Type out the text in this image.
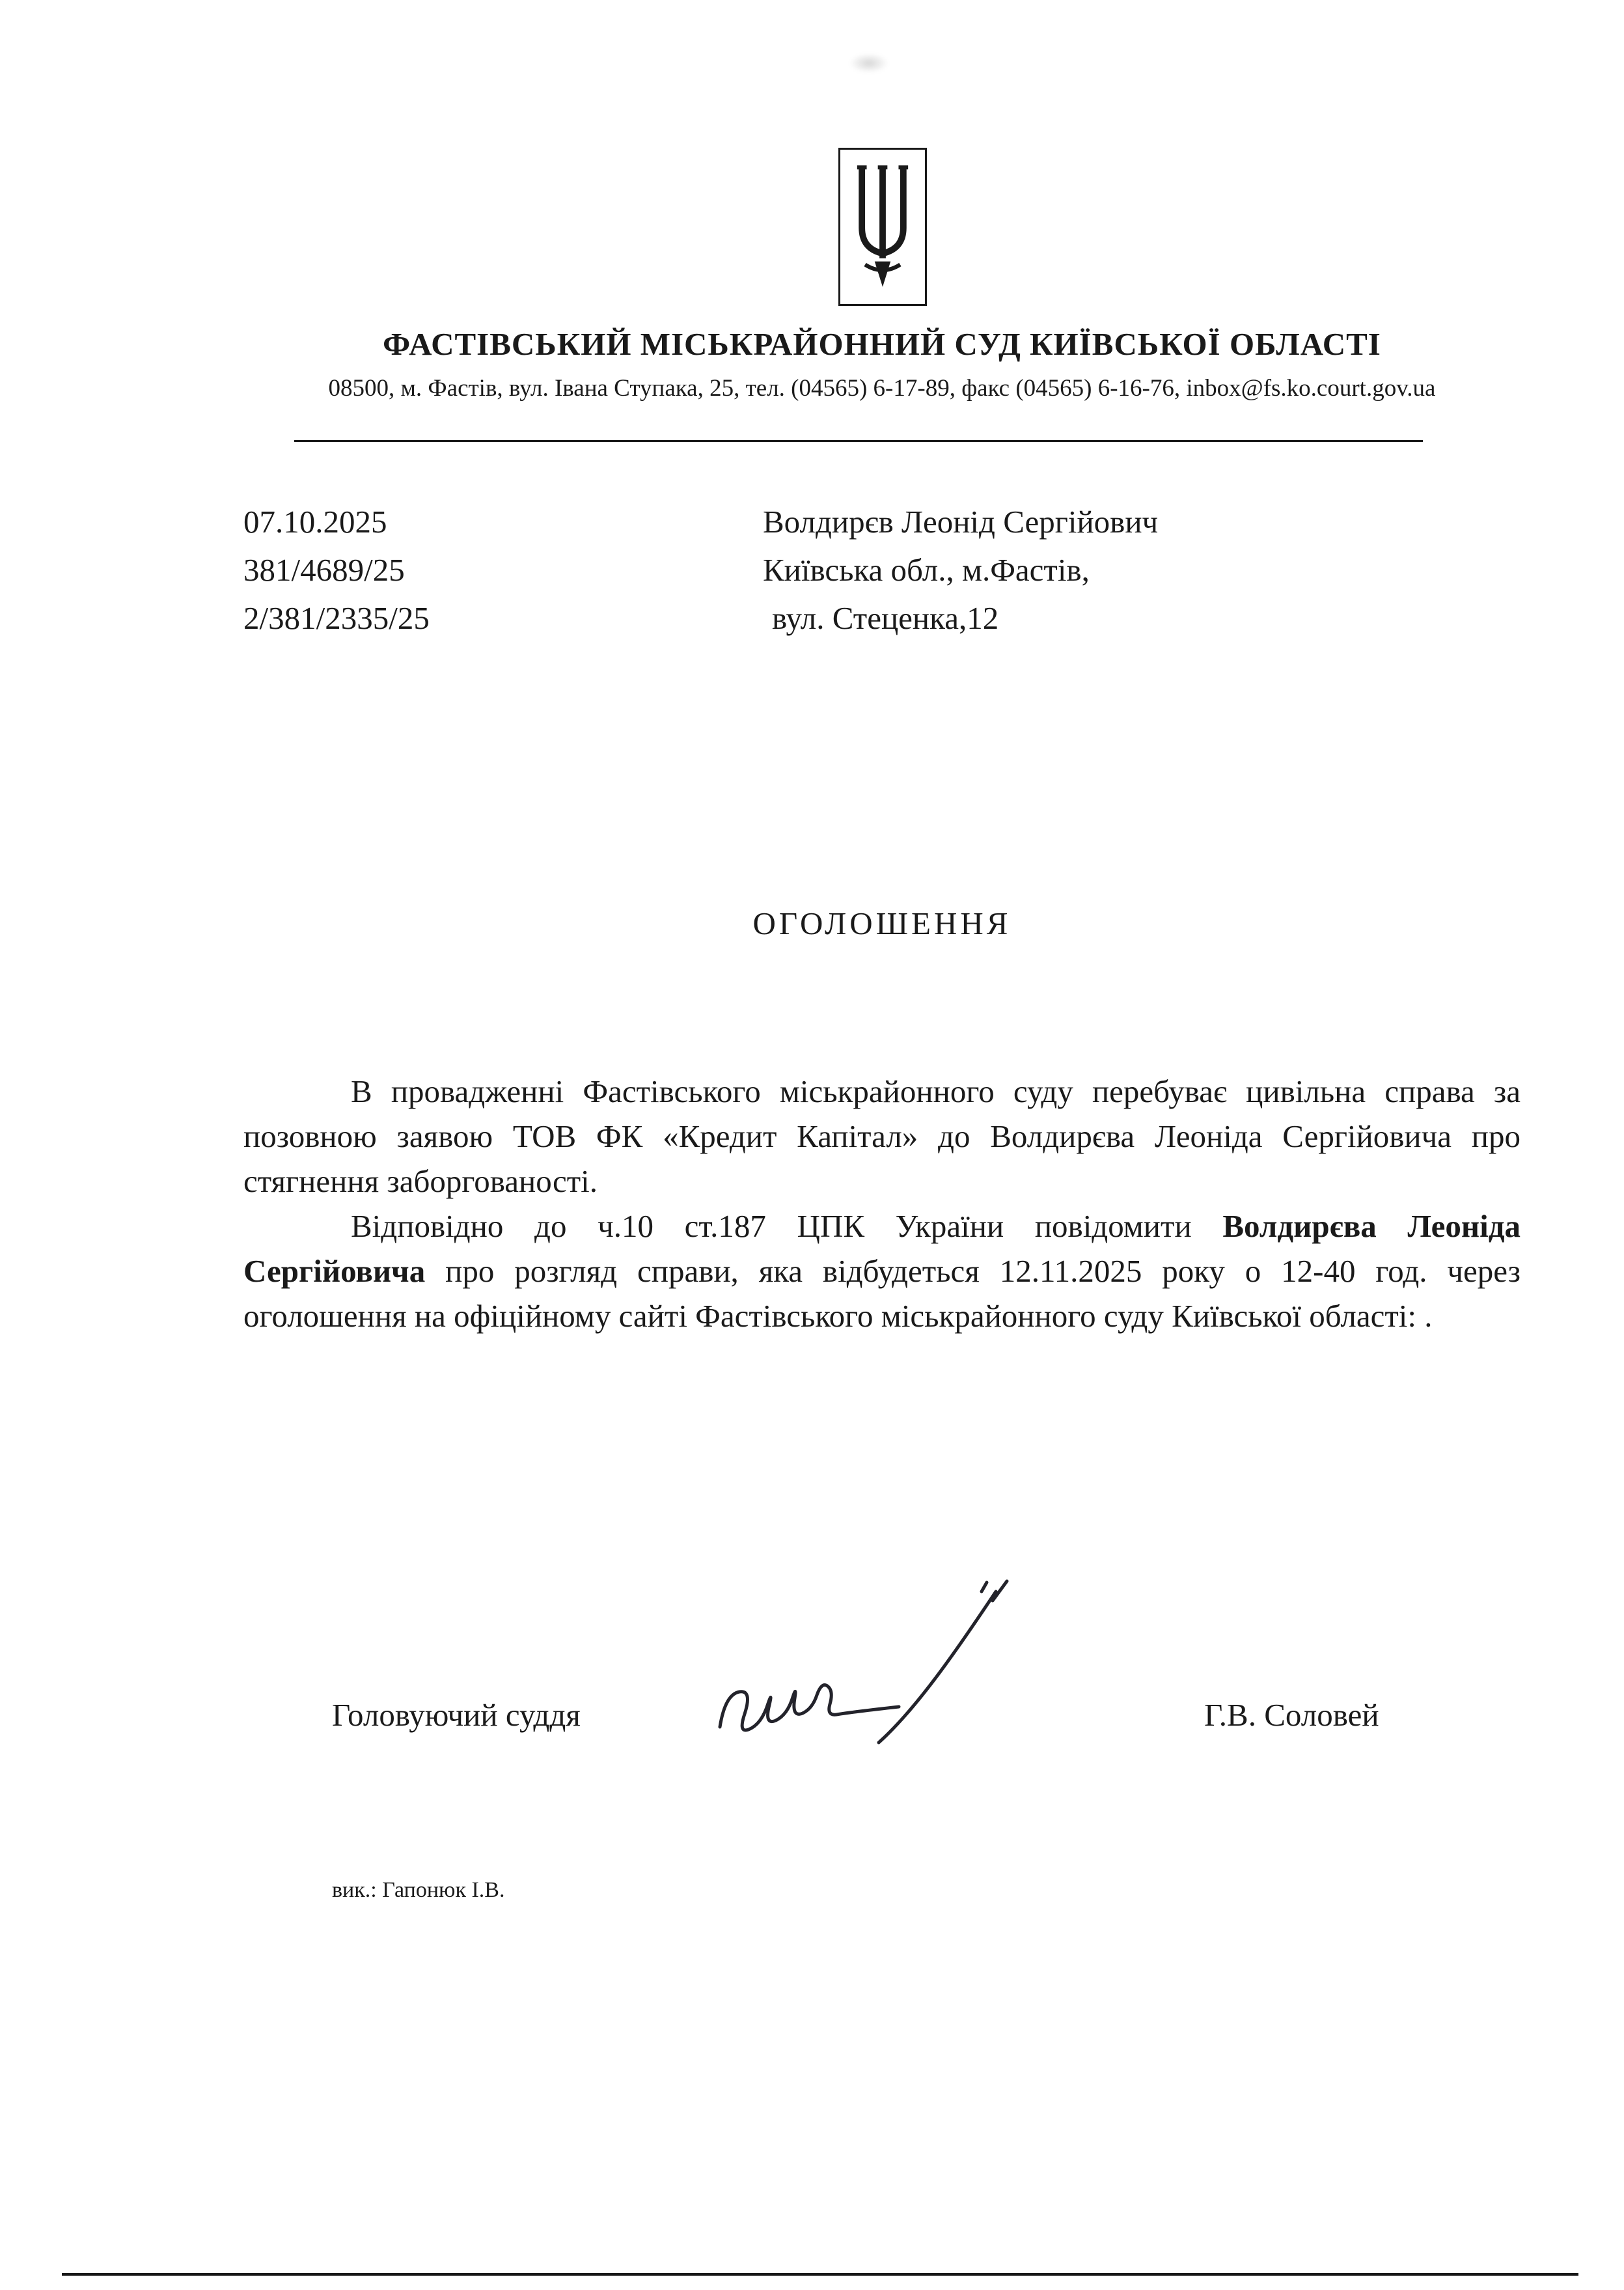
ФАСТІВСЬКИЙ МІСЬКРАЙОННИЙ СУД КИЇВСЬКОЇ ОБЛАСТІ
08500, м. Фастів, вул. Івана Ступака, 25, тел. (04565) 6-17-89, факс (04565) 6-16-76, inbox@fs.ko.court.gov.ua
07.10.2025
381/4689/25
2/381/2335/25
Волдирєв Леонід Сергійович
Київська обл., м.Фастів,
вул. Стеценка,12
ОГОЛОШЕННЯ

В провадженні Фастівського міськрайонного суду перебуває цивільна справа за позовною заявою ТОВ ФК «Кредит Капітал» до Волдирєва Леоніда Сергійовича про стягнення заборгованості.

Відповідно до ч.10 ст.187 ЦПК України повідомити Волдирєва Леоніда Сергійовича про розгляд справи, яка відбудеться 12.11.2025 року о 12-40 год. через оголошення на офіційному сайті Фастівського міськрайонного суду Київської області: .

Головуючий суддя	Г.В. Соловей
вик.: Гапонюк І.В.
